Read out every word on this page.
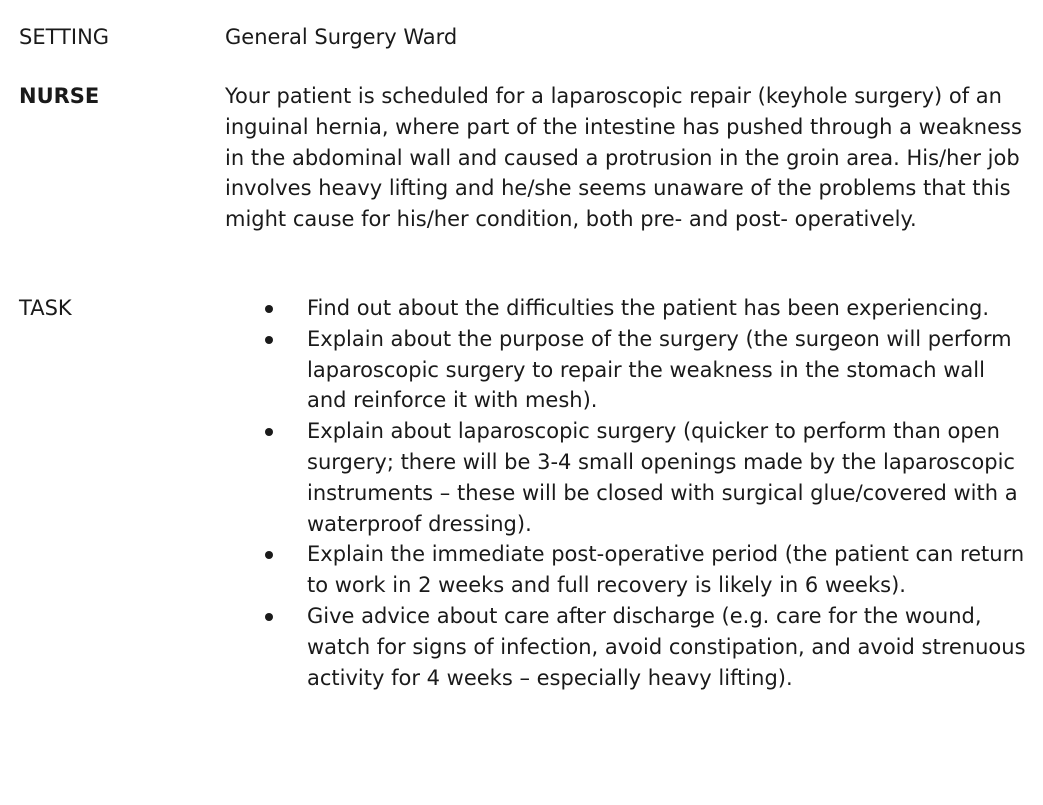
SETTING	General Surgery Ward
NURSE	Your patient is scheduled for a laparoscopic repair (keyhole surgery) of an inguinal hernia, where part of the intestine has pushed through a weakness in the abdominal wall and caused a protrusion in the groin area. His/her job involves heavy lifting and he/she seems unaware of the problems that this might cause for his/her condition, both pre- and post- operatively.
TASK	Find out about the difficulties the patient has been experiencing.
Explain about the purpose of the surgery (the surgeon will perform laparoscopic surgery to repair the weakness in the stomach wall and reinforce it with mesh).
Explain about laparoscopic surgery (quicker to perform than open surgery; there will be 3-4 small openings made by the laparoscopic instruments – these will be closed with surgical glue/covered with a waterproof dressing).
Explain the immediate post-operative period (the patient can return to work in 2 weeks and full recovery is likely in 6 weeks).
Give advice about care after discharge (e.g. care for the wound, watch for signs of infection, avoid constipation, and avoid strenuous activity for 4 weeks – especially heavy lifting).
